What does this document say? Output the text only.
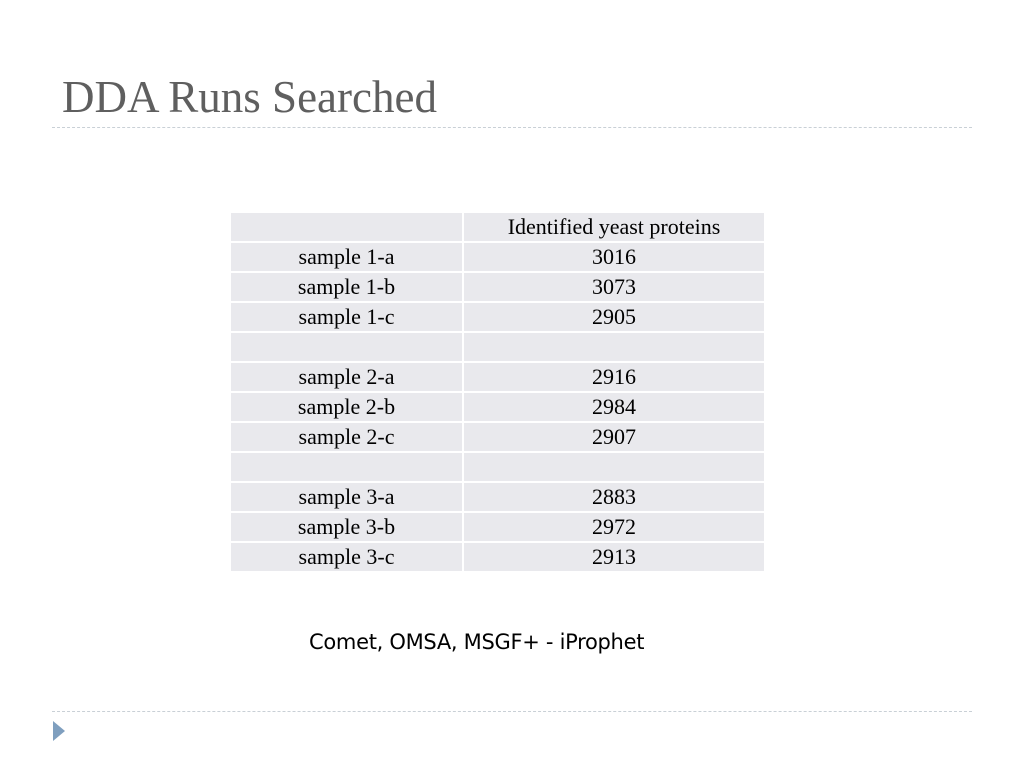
DDA Runs Searched
	Identified yeast proteins
sample 1-a	3016
sample 1-b	3073
sample 1-c	2905

sample 2-a	2916
sample 2-b	2984
sample 2-c	2907

sample 3-a	2883
sample 3-b	2972
sample 3-c	2913
Comet, OMSA, MSGF+ - iProphet
